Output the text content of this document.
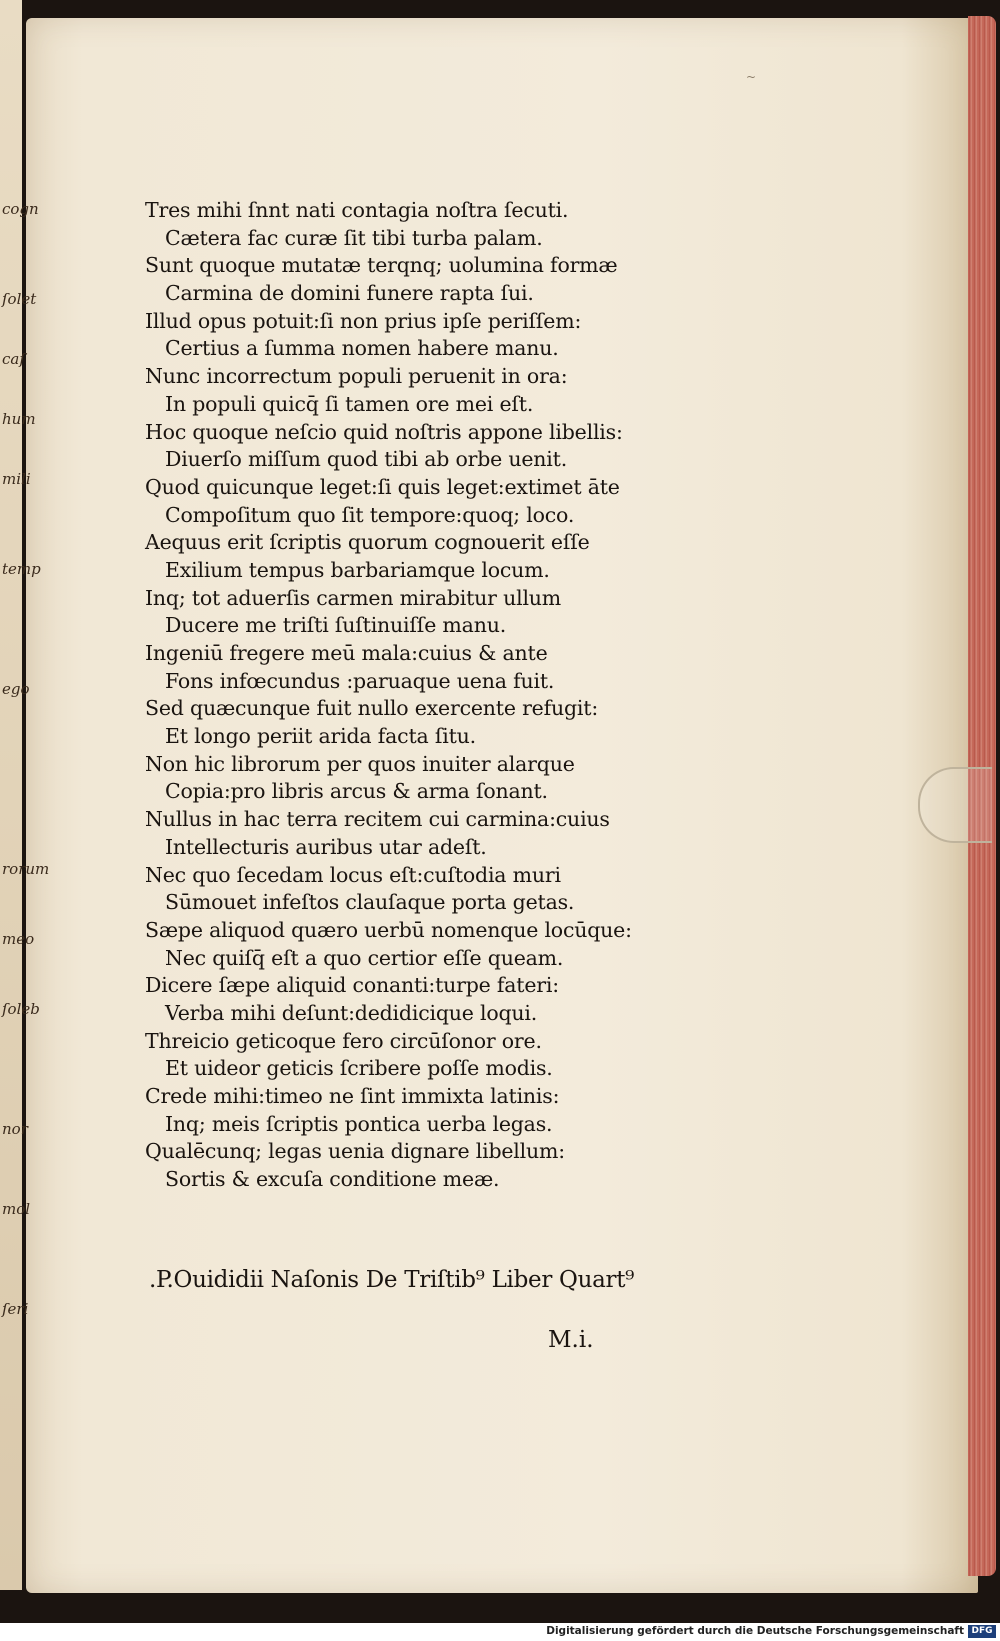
cogn
ſolet
caſ
hum
mili
temp
ego
rorum
meo
ſoleb
nor
mol
ſeri
~
Tres mihi ſnnt nati contagia noſtra ſecuti.
Cætera fac curæ ſit tibi turba palam.
Sunt quoque mutatæ terqnq; uolumina formæ
Carmina de domini funere rapta ſui.
Illud opus potuit:ſi non prius ipſe periſſem:
Certius a ſumma nomen habere manu.
Nunc incorrectum populi peruenit in ora:
In populi quicq̄ ſi tamen ore mei eſt.
Hoc quoque neſcio quid noſtris appone libellis:
Diuerſo miſſum quod tibi ab orbe uenit.
Quod quicunque leget:ſi quis leget:extimet āte
Compoſitum quo ſit tempore:quoq; loco.
Aequus erit ſcriptis quorum cognouerit eſſe
Exilium tempus barbariamque locum.
Inq; tot aduerſis carmen mirabitur ullum
Ducere me triſti ſuſtinuiſſe manu.
Ingeniū fregere meū mala:cuius & ante
Fons infœcundus :paruaque uena fuit.
Sed quæcunque fuit nullo exercente refugit:
Et longo periit arida facta ſitu.
Non hic librorum per quos inuiter alarque
Copia:pro libris arcus & arma ſonant.
Nullus in hac terra recitem cui carmina:cuius
Intellecturis auribus utar adeſt.
Nec quo ſecedam locus eſt:cuſtodia muri
Sūmouet infeſtos clauſaque porta getas.
Sæpe aliquod quæro uerbū nomenque locūque:
Nec quiſq̄ eſt a quo certior eſſe queam.
Dicere ſæpe aliquid conanti:turpe fateri:
Verba mihi deſunt:dedidicique loqui.
Threicio geticoque fero circūſonor ore.
Et uideor geticis ſcribere poſſe modis.
Crede mihi:timeo ne ſint immixta latinis:
Inq; meis ſcriptis pontica uerba legas.
Qualēcunq; legas uenia dignare libellum:
Sortis & excuſa conditione meæ.
.P.Ouididii Naſonis De Triſtib⁹ Liber Quart⁹
M.i.
Digitalisierung gefördert durch die Deutsche Forschungsgemeinschaft DFG
